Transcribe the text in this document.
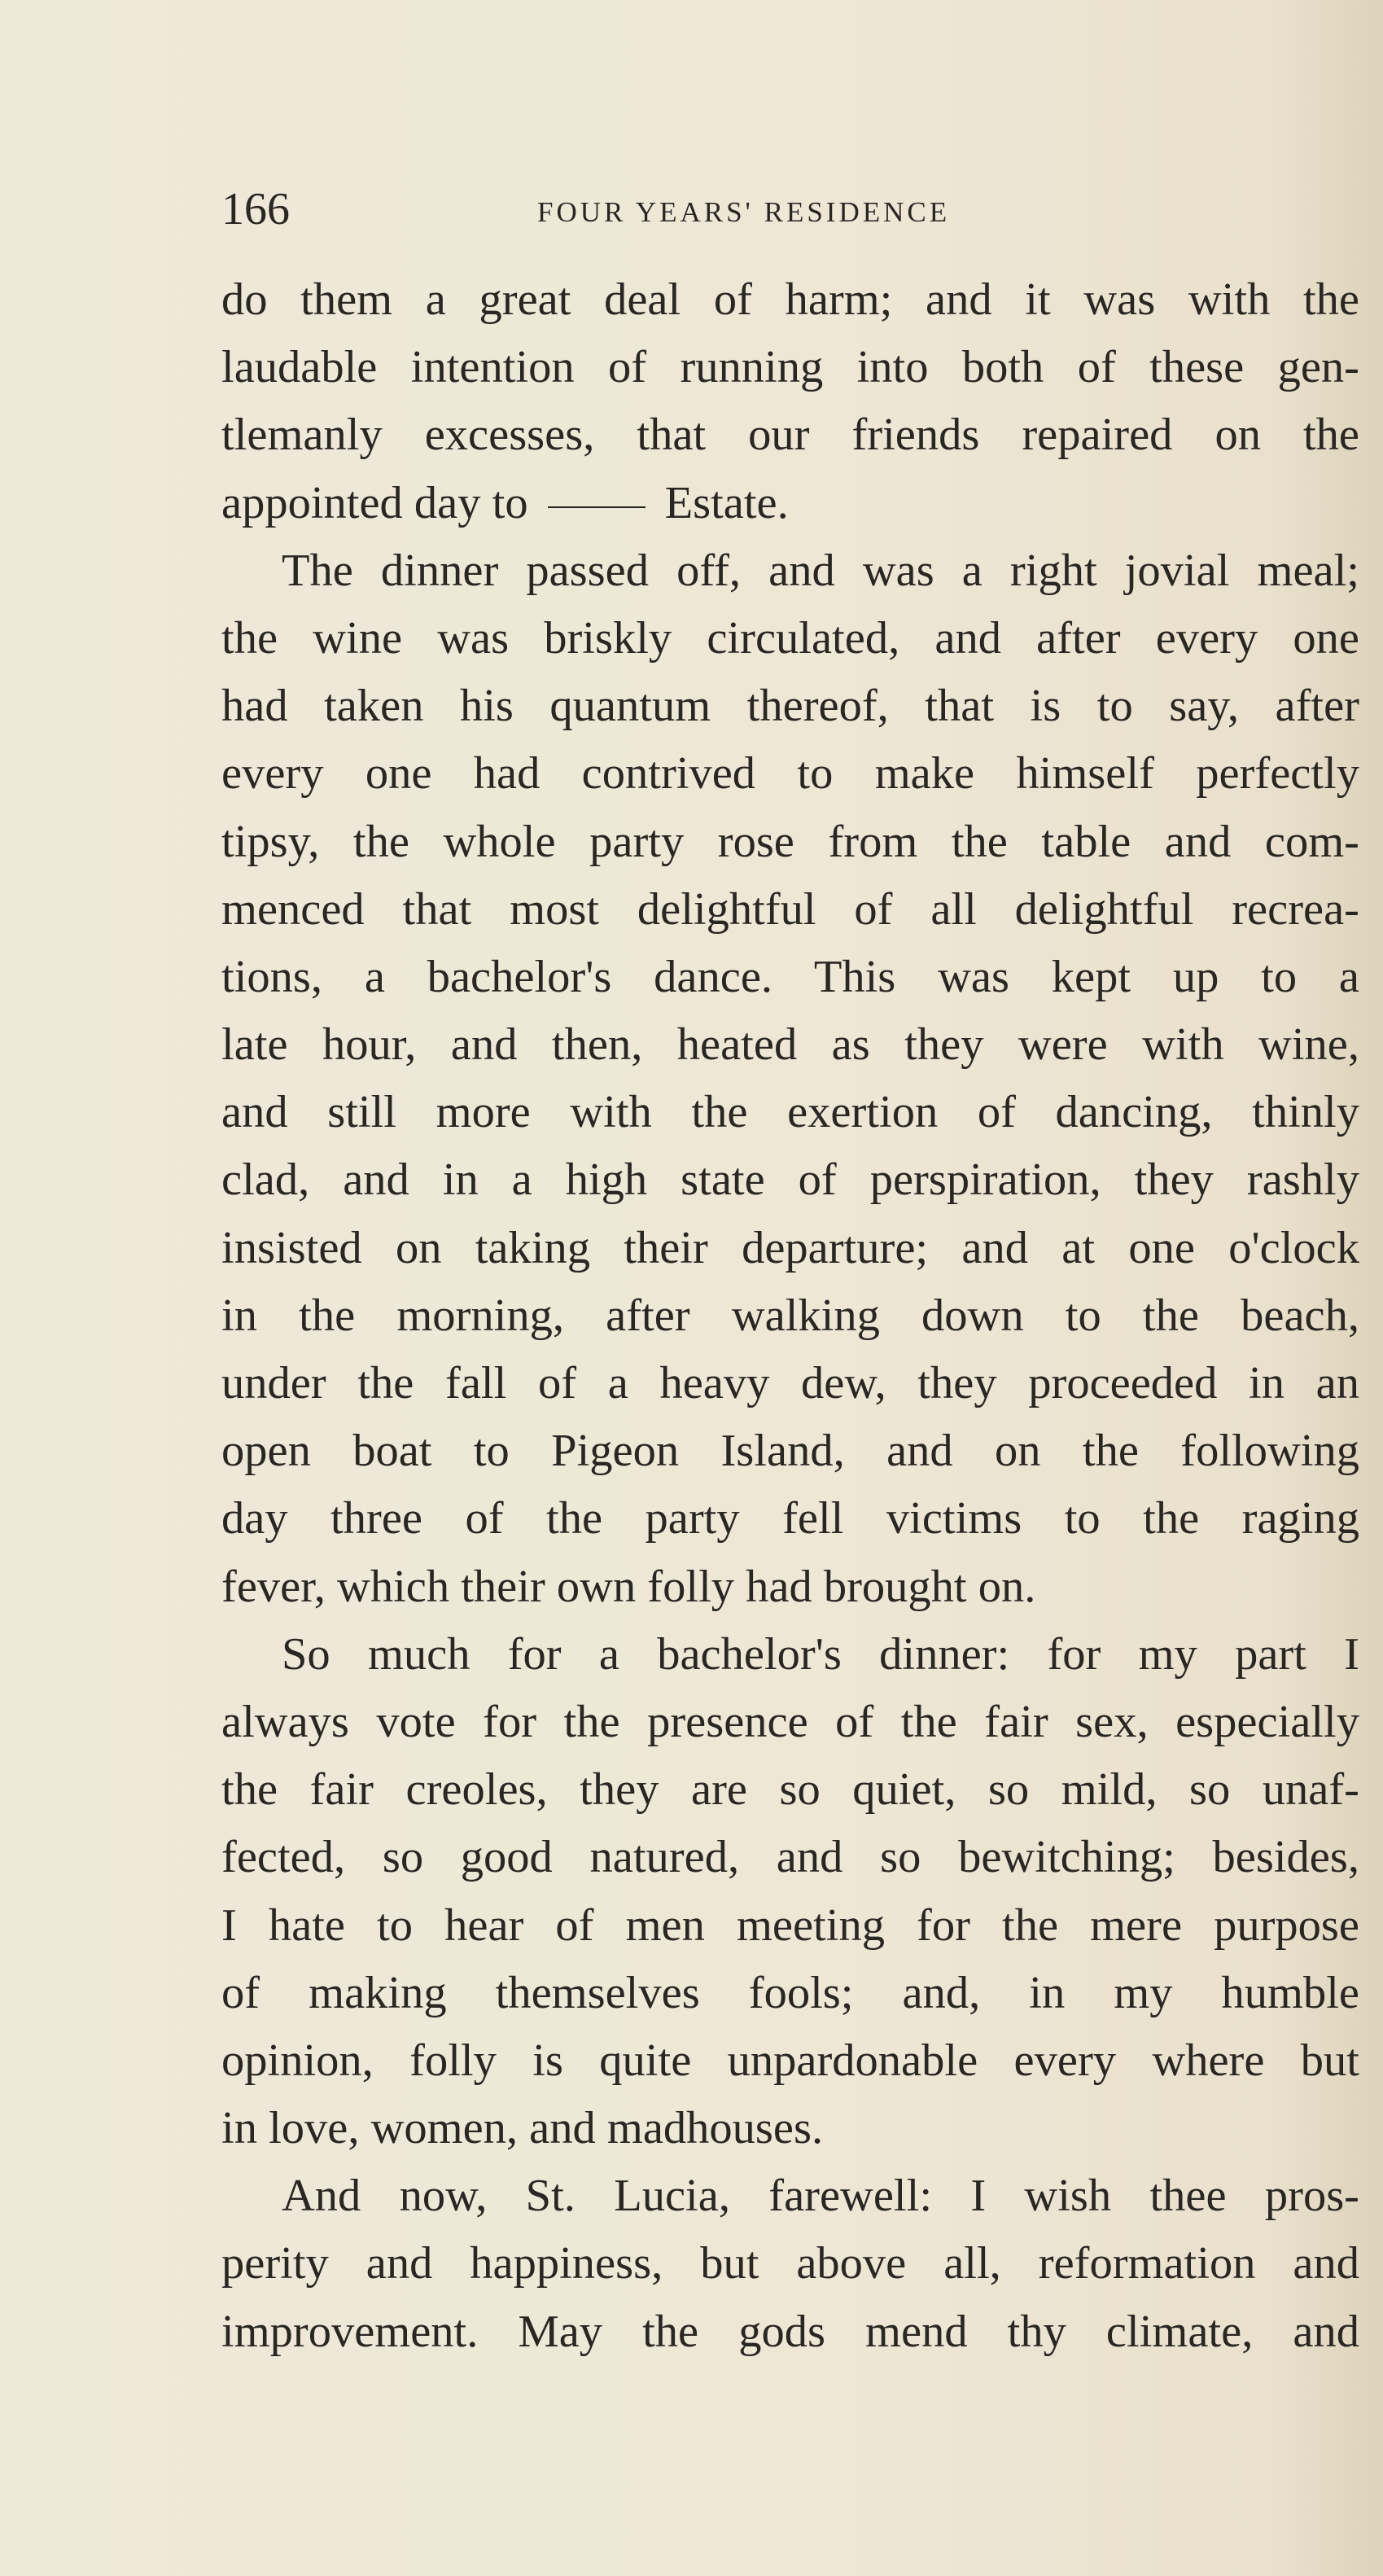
166	FOUR YEARS' RESIDENCE
do them a great deal of harm; and it was with the
laudable intention of running into both of these gen-
tlemanly excesses, that our friends repaired on the
appointed day to	Estate.
The dinner passed off, and was a right jovial meal;
the wine was briskly circulated, and after every one
had taken his quantum thereof, that is to say, after
every one had contrived to make himself perfectly
tipsy, the whole party rose from the table and com-
menced that most delightful of all delightful recrea-
tions, a bachelor's dance. This was kept up to a
late hour, and then, heated as they were with wine,
and still more with the exertion of dancing, thinly
clad, and in a high state of perspiration, they rashly
insisted on taking their departure; and at one o'clock
in the morning, after walking down to the beach,
under the fall of a heavy dew, they proceeded in an
open boat to Pigeon Island, and on the following
day three of the party fell victims to the raging
fever, which their own folly had brought on.
So much for a bachelor's dinner: for my part I
always vote for the presence of the fair sex, especially
the fair creoles, they are so quiet, so mild, so unaf-
fected, so good natured, and so bewitching; besides,
I hate to hear of men meeting for the mere purpose
of making themselves fools; and, in my humble
opinion, folly is quite unpardonable every where but
in love, women, and madhouses.
And now, St. Lucia, farewell: I wish thee pros-
perity and happiness, but above all, reformation and
improvement. May the gods mend thy climate, and
